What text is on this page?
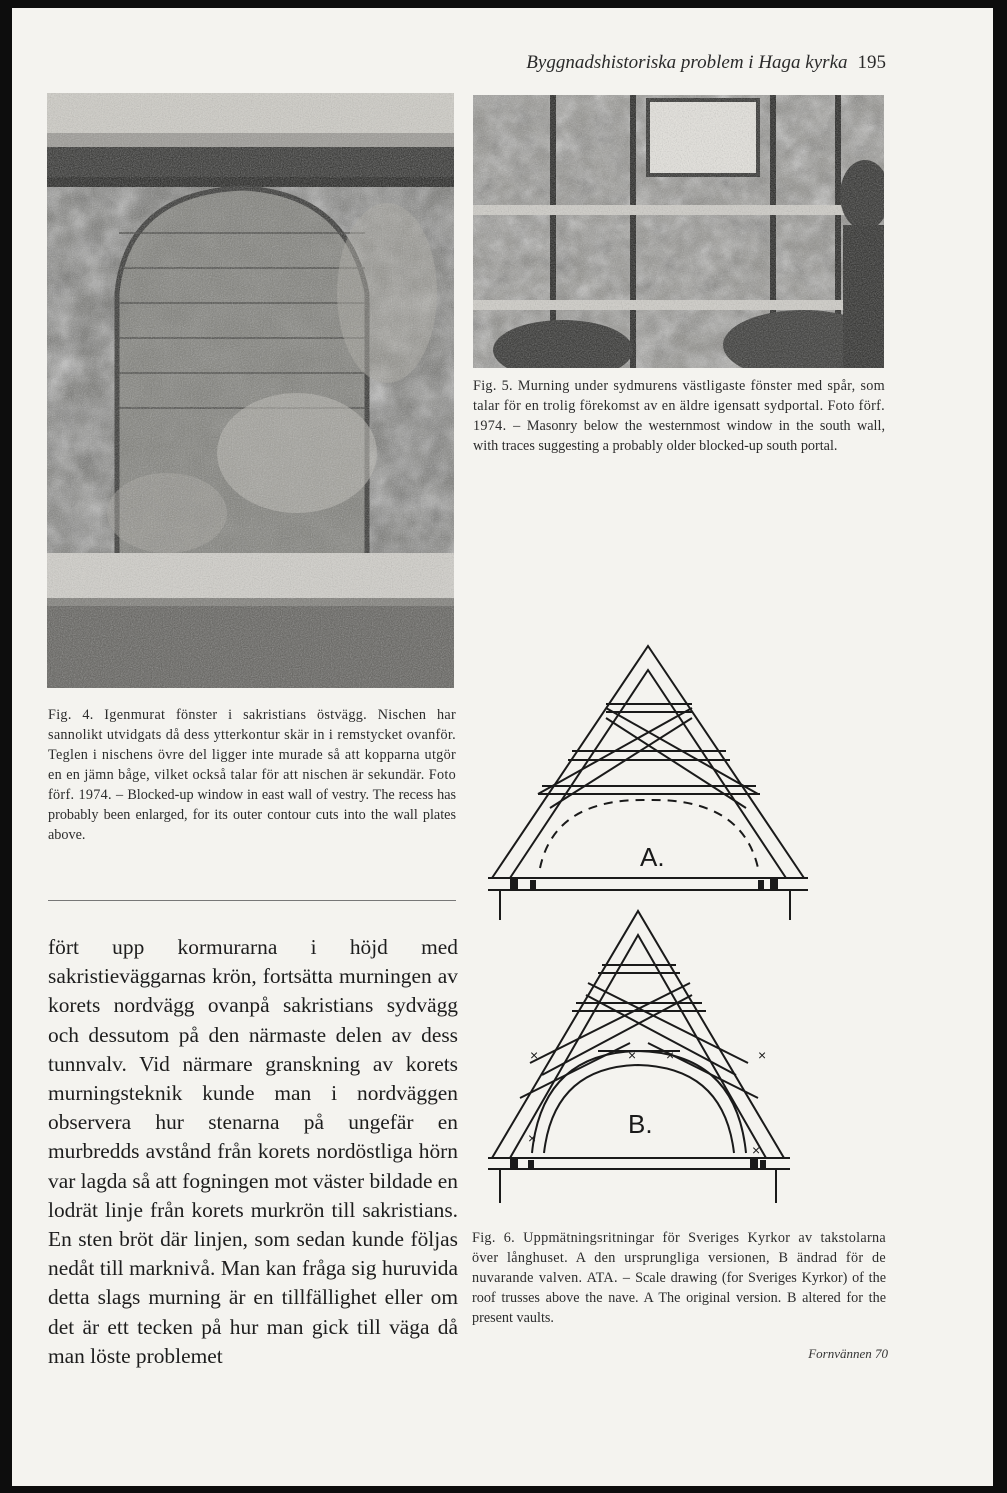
Byggnadshistoriska problem i Haga kyrka 195
Fig. 5. Murning under sydmurens västligaste fönster med spår, som talar för en trolig förekomst av en äldre igensatt sydportal. Foto förf. 1974. – Masonry below the westernmost window in the south wall, with traces suggesting a probably older blocked-up south portal.
A.
×	× ×	×
×
×
B.
Fig. 4. Igenmurat fönster i sakristians östvägg. Nischen har sannolikt utvidgats då dess ytterkontur skär in i remstycket ovanför. Teglen i nischens övre del ligger inte murade så att kopparna utgör en en jämn båge, vilket också talar för att nischen är sekundär. Foto förf. 1974. – Blocked-up window in east wall of vestry. The recess has probably been enlarged, for its outer contour cuts into the wall plates above.
fört upp kormurarna i höjd med sakristieväggarnas krön, fortsätta murningen av korets nordvägg ovanpå sakristians sydvägg och dessutom på den närmaste delen av dess tunnvalv. Vid närmare granskning av korets murningsteknik kunde man i nordväggen observera hur stenarna på ungefär en murbredds avstånd från korets nordöstliga hörn var lagda så att fogningen mot väster bildade en lodrät linje från korets murkrön till sakristians. En sten bröt där linjen, som sedan kunde följas nedåt till marknivå. Man kan fråga sig huruvida detta slags murning är en tillfällighet eller om det är ett tecken på hur man gick till väga då man löste problemet
Fig. 6. Uppmätningsritningar för Sveriges Kyrkor av takstolarna över långhuset. A den ursprungliga versionen, B ändrad för de nuvarande valven. ATA. – Scale drawing (for Sveriges Kyrkor) of the roof trusses above the nave. A The original version. B altered for the present vaults.
Fornvännen 70
